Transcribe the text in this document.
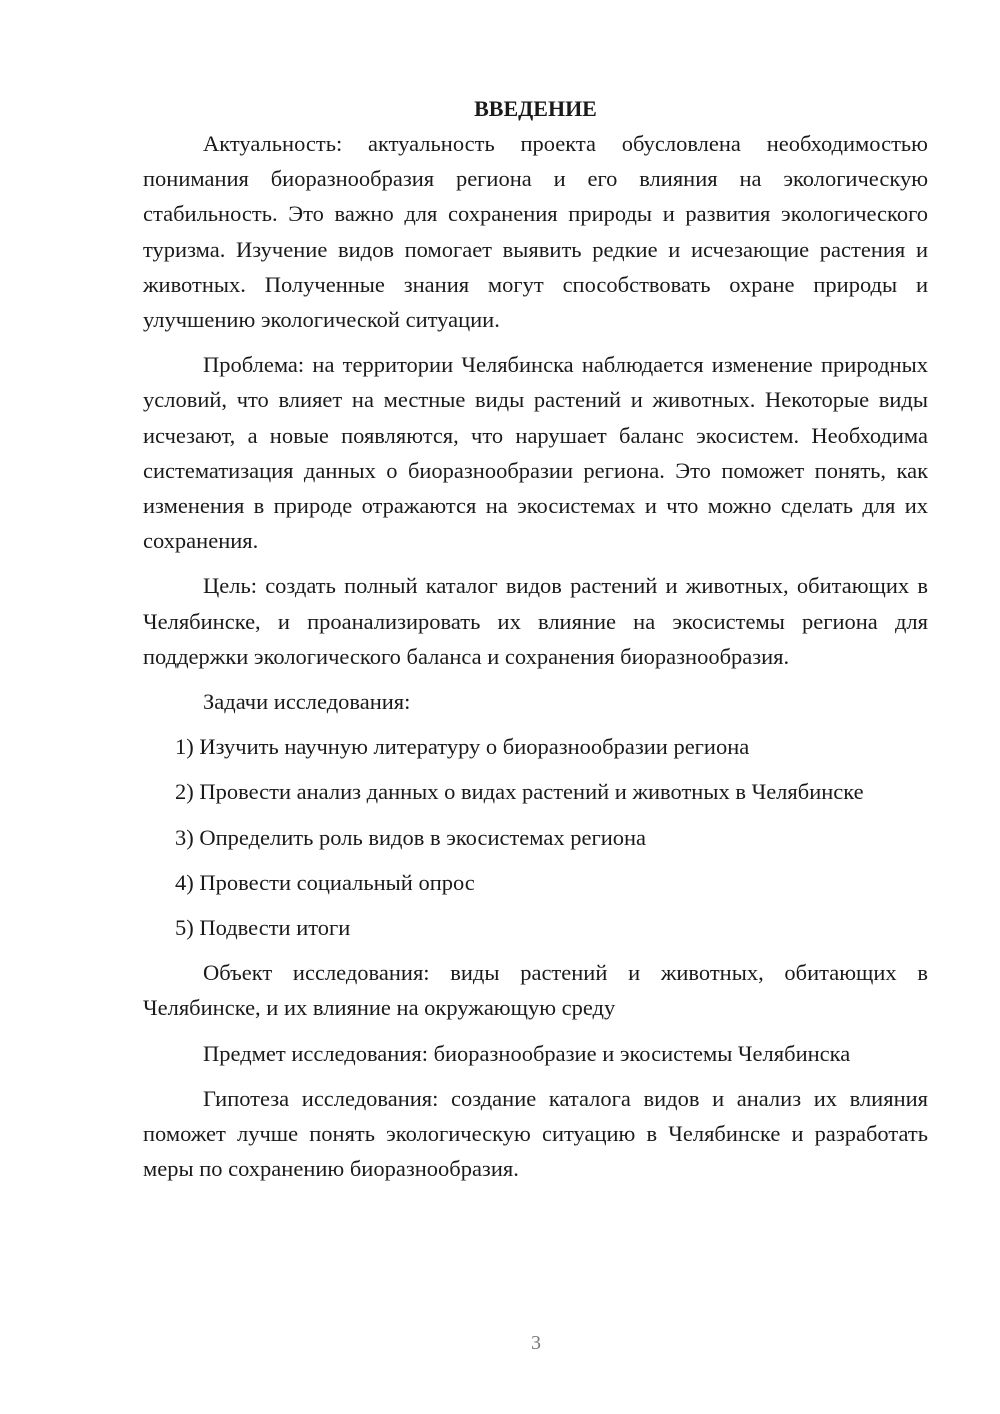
ВВЕДЕНИЕ

Актуальность: актуальность проекта обусловлена необходимостью понимания биоразнообразия региона и его влияния на экологическую стабильность. Это важно для сохранения природы и развития экологического туризма. Изучение видов помогает выявить редкие и исчезающие растения и животных. Полученные знания могут способствовать охране природы и улучшению экологической ситуации.

Проблема: на территории Челябинска наблюдается изменение природных условий, что влияет на местные виды растений и животных. Некоторые виды исчезают, а новые появляются, что нарушает баланс экосистем. Необходима систематизация данных о биоразнообразии региона. Это поможет понять, как изменения в природе отражаются на экосистемах и что можно сделать для их сохранения.

Цель: создать полный каталог видов растений и животных, обитающих в Челябинске, и проанализировать их влияние на экосистемы региона для поддержки экологического баланса и сохранения биоразнообразия.

Задачи исследования:

1) Изучить научную литературу о биоразнообразии региона

2) Провести анализ данных о видах растений и животных в Челябинске

3) Определить роль видов в экосистемах региона

4) Провести социальный опрос

5) Подвести итоги

Объект исследования: виды растений и животных, обитающих в Челябинске, и их влияние на окружающую среду

Предмет исследования: биоразнообразие и экосистемы Челябинска

Гипотеза исследования: создание каталога видов и анализ их влияния поможет лучше понять экологическую ситуацию в Челябинске и разработать меры по сохранению биоразнообразия.

3
